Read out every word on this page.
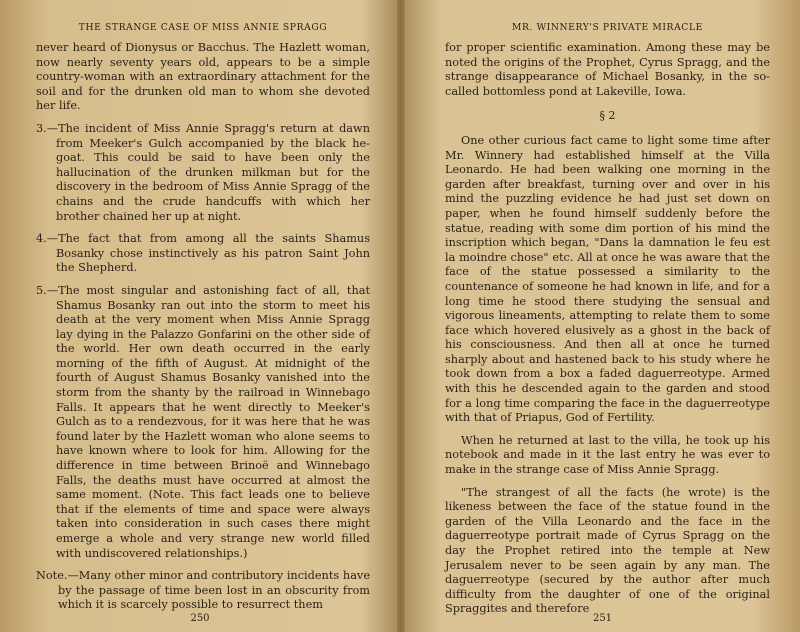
THE STRANGE CASE OF MISS ANNIE SPRAGG

never heard of Dionysus or Bacchus. The Hazlett woman, now nearly seventy years old, appears to be a simple country-woman with an extraordinary attachment for the soil and for the drunken old man to whom she devoted her life.

3.—The incident of Miss Annie Spragg's return at dawn from Meeker's Gulch accompanied by the black he-goat. This could be said to have been only the hallucination of the drunken milkman but for the discovery in the bedroom of Miss Annie Spragg of the chains and the crude handcuffs with which her brother chained her up at night.

4.—The fact that from among all the saints Shamus Bosanky chose instinctively as his patron Saint John the Shepherd.

5.—The most singular and astonishing fact of all, that Shamus Bosanky ran out into the storm to meet his death at the very moment when Miss Annie Spragg lay dying in the Palazzo Gonfarini on the other side of the world. Her own death occurred in the early morning of the fifth of August. At midnight of the fourth of August Shamus Bosanky vanished into the storm from the shanty by the railroad in Winnebago Falls. It appears that he went directly to Meeker's Gulch as to a rendezvous, for it was here that he was found later by the Hazlett woman who alone seems to have known where to look for him. Allowing for the difference in time between Brinoë and Winnebago Falls, the deaths must have occurred at almost the same moment. (Note. This fact leads one to believe that if the elements of time and space were always taken into consideration in such cases there might emerge a whole and very strange new world filled with undiscovered relationships.)

Note.—Many other minor and contributory incidents have by the passage of time been lost in an obscurity from which it is scarcely possible to resurrect them

250
MR. WINNERY'S PRIVATE MIRACLE

for proper scientific examination. Among these may be noted the origins of the Prophet, Cyrus Spragg, and the strange disappearance of Michael Bosanky, in the so-called bottomless pond at Lakeville, Iowa.

§ 2

One other curious fact came to light some time after Mr. Winnery had established himself at the Villa Leonardo. He had been walking one morning in the garden after breakfast, turning over and over in his mind the puzzling evidence he had just set down on paper, when he found himself suddenly before the statue, reading with some dim portion of his mind the inscription which began, "Dans la damnation le feu est la moindre chose" etc. All at once he was aware that the face of the statue possessed a similarity to the countenance of someone he had known in life, and for a long time he stood there studying the sensual and vigorous lineaments, attempting to relate them to some face which hovered elusively as a ghost in the back of his consciousness. And then all at once he turned sharply about and hastened back to his study where he took down from a box a faded daguerreotype. Armed with this he descended again to the garden and stood for a long time comparing the face in the daguerreotype with that of Priapus, God of Fertility.

When he returned at last to the villa, he took up his notebook and made in it the last entry he was ever to make in the strange case of Miss Annie Spragg.

"The strangest of all the facts (he wrote) is the likeness between the face of the statue found in the garden of the Villa Leonardo and the face in the daguerreotype portrait made of Cyrus Spragg on the day the Prophet retired into the temple at New Jerusalem never to be seen again by any man. The daguerreotype (secured by the author after much difficulty from the daughter of one of the original Spraggites and therefore

251
